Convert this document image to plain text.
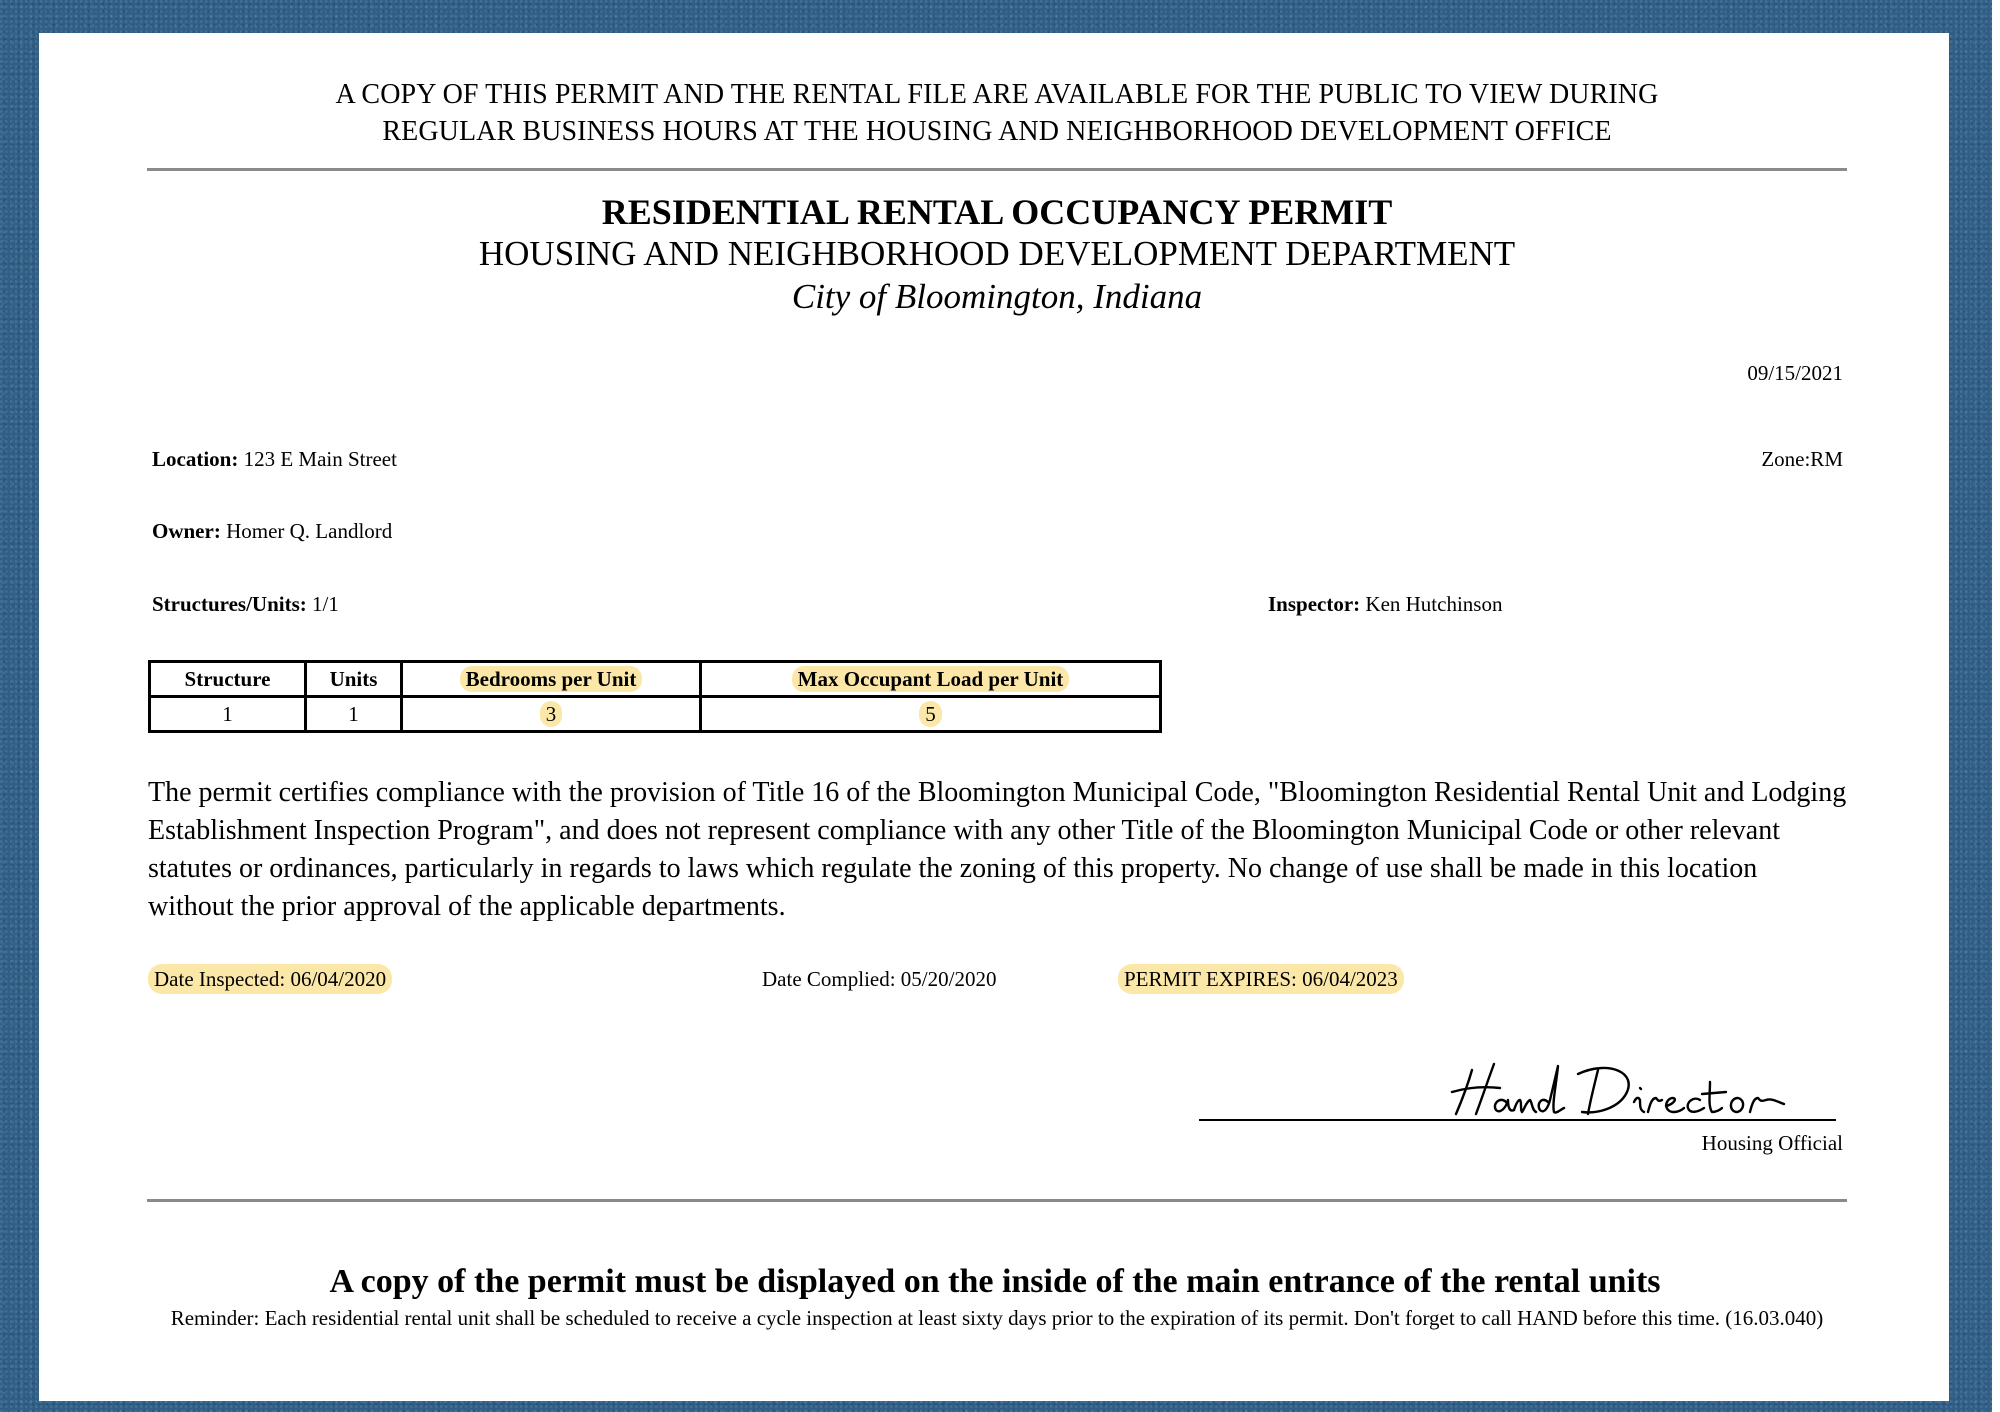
A COPY OF THIS PERMIT AND THE RENTAL FILE ARE AVAILABLE FOR THE PUBLIC TO VIEW DURING
REGULAR BUSINESS HOURS AT THE HOUSING AND NEIGHBORHOOD DEVELOPMENT OFFICE
RESIDENTIAL RENTAL OCCUPANCY PERMIT
HOUSING AND NEIGHBORHOOD DEVELOPMENT DEPARTMENT
City of Bloomington, Indiana
09/15/2021
Location: 123 E Main Street	Zone:RM
Owner: Homer Q. Landlord
Structures/Units: 1/1	Inspector: Ken Hutchinson
Structure	Units	Bedrooms per Unit	Max Occupant Load per Unit
1	1	3	5
The permit certifies compliance with the provision of Title 16 of the Bloomington Municipal Code, "Bloomington Residential Rental Unit and Lodging Establishment Inspection Program", and does not represent compliance with any other Title of the Bloomington Municipal Code or other relevant statutes or ordinances, particularly in regards to laws which regulate the zoning of this property. No change of use shall be made in this location without the prior approval of the applicable departments.
Date Inspected: 06/04/2020	Date Complied: 05/20/2020	PERMIT EXPIRES: 06/04/2023
Housing Official
A copy of the permit must be displayed on the inside of the main entrance of the rental units
Reminder: Each residential rental unit shall be scheduled to receive a cycle inspection at least sixty days prior to the expiration of its permit. Don't forget to call HAND before this time. (16.03.040)
